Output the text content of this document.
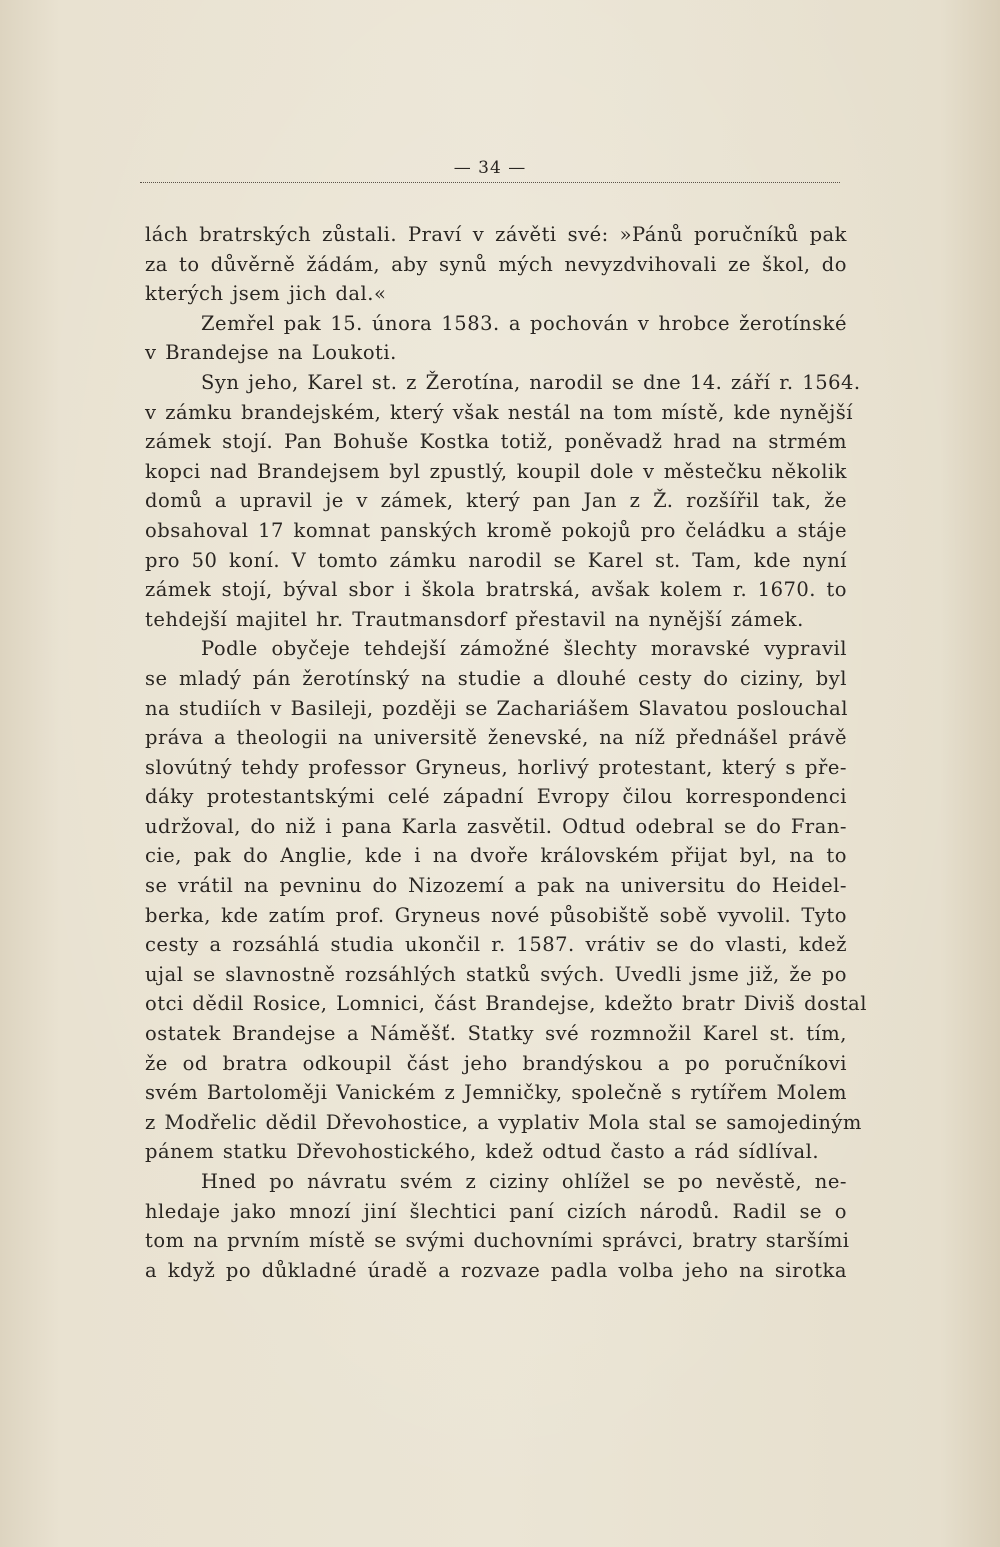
— 34 —
lách bratrských zůstali. Praví v závěti své: »Pánů poručníků pak
za to důvěrně žádám, aby synů mých nevyzdvihovali ze škol, do
kterých jsem jich dal.«
Zemřel pak 15. února 1583. a pochován v hrobce žerotínské
v Brandejse na Loukoti.
Syn jeho, Karel st. z Žerotína, narodil se dne 14. září r. 1564.
v zámku brandejském, který však nestál na tom místě, kde nynější
zámek stojí. Pan Bohuše Kostka totiž, poněvadž hrad na strmém
kopci nad Brandejsem byl zpustlý, koupil dole v městečku několik
domů a upravil je v zámek, který pan Jan z Ž. rozšířil tak, že
obsahoval 17 komnat panských kromě pokojů pro čeládku a stáje
pro 50 koní. V tomto zámku narodil se Karel st. Tam, kde nyní
zámek stojí, býval sbor i škola bratrská, avšak kolem r. 1670. to
tehdejší majitel hr. Trautmansdorf přestavil na nynější zámek.
Podle obyčeje tehdejší zámožné šlechty moravské vypravil
se mladý pán žerotínský na studie a dlouhé cesty do ciziny, byl
na studiích v Basileji, později se Zachariášem Slavatou poslouchal
práva a theologii na universitě ženevské, na níž přednášel právě
slovútný tehdy professor Gryneus, horlivý protestant, který s pře-
dáky protestantskými celé západní Evropy čilou korrespondenci
udržoval, do niž i pana Karla zasvětil. Odtud odebral se do Fran-
cie, pak do Anglie, kde i na dvoře královském přijat byl, na to
se vrátil na pevninu do Nizozemí a pak na universitu do Heidel-
berka, kde zatím prof. Gryneus nové působiště sobě vyvolil. Tyto
cesty a rozsáhlá studia ukončil r. 1587. vrátiv se do vlasti, kdež
ujal se slavnostně rozsáhlých statků svých. Uvedli jsme již, že po
otci dědil Rosice, Lomnici, část Brandejse, kdežto bratr Diviš dostal
ostatek Brandejse a Náměšť. Statky své rozmnožil Karel st. tím,
že od bratra odkoupil část jeho brandýskou a po poručníkovi
svém Bartoloměji Vanickém z Jemničky, společně s rytířem Molem
z Modřelic dědil Dřevohostice, a vyplativ Mola stal se samojediným
pánem statku Dřevohostického, kdež odtud často a rád sídlíval.
Hned po návratu svém z ciziny ohlížel se po nevěstě, ne-
hledaje jako mnozí jiní šlechtici paní cizích národů. Radil se o
tom na prvním místě se svými duchovními správci, bratry staršími
a když po důkladné úradě a rozvaze padla volba jeho na sirotka
